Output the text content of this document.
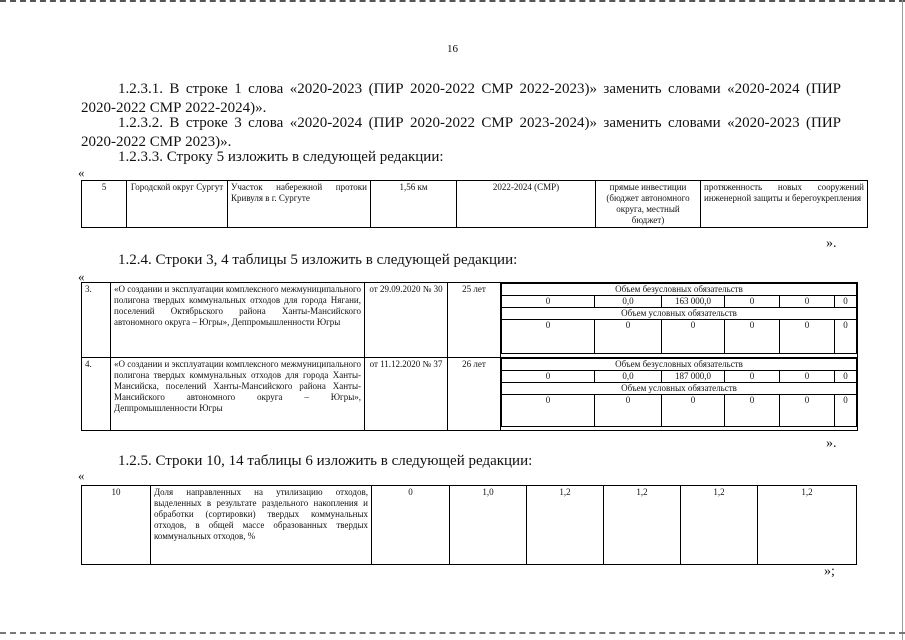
16
1.2.3.1. В строке 1 слова «2020-2023 (ПИР 2020-2022 СМР 2022-2023)» заменить словами «2020-2024 (ПИР 2020-2022 СМР 2022-2024)».
1.2.3.2. В строке 3 слова «2020-2024 (ПИР 2020-2022 СМР 2023-2024)» заменить словами «2020-2023 (ПИР 2020-2022 СМР 2023)».
1.2.3.3. Строку 5 изложить в следующей редакции:
«
5	Городской округ Сургут	Участок набережной протоки Кривуля в г. Сургуте	1,56 км	2022-2024 (СМР)	прямые инвестиции (бюджет автономного округа, местный бюджет)	протяженность новых сооружений инженерной защиты и берегоукрепления
».
1.2.4. Строки 3, 4 таблицы 5 изложить в следующей редакции:
«
3.	«О создании и эксплуатации комплексного межмуниципального полигона твердых коммунальных отходов для города Нягани, поселений Октябрьского района Ханты-Мансийского автономного округа – Югры», Деппромышленности Югры	от 29.09.2020 № 30	25 лет		Объем безусловных обязательств
0	0,0	163 000,0	0	0	0
Объем условных обязательств
0	0	0	0	0	0

4.	«О создании и эксплуатации комплексного межмуниципального полигона твердых коммунальных отходов для города Ханты-Мансийска, поселений Ханты-Мансийского района Ханты-Мансийского автономного округа – Югры», Деппромышленности Югры	от 11.12.2020 № 37	26 лет		Объем безусловных обязательств
0	0,0	187 000,0	0	0	0
Объем условных обязательств
0	0	0	0	0	0
».
1.2.5. Строки 10, 14 таблицы 6 изложить в следующей редакции:
«
10	Доля направленных на утилизацию отходов, выделенных в результате раздельного накопления и обработки (сортировки) твердых коммунальных отходов, в общей массе образованных твердых коммунальных отходов, %	0	1,0	1,2	1,2	1,2	1,2
»;
